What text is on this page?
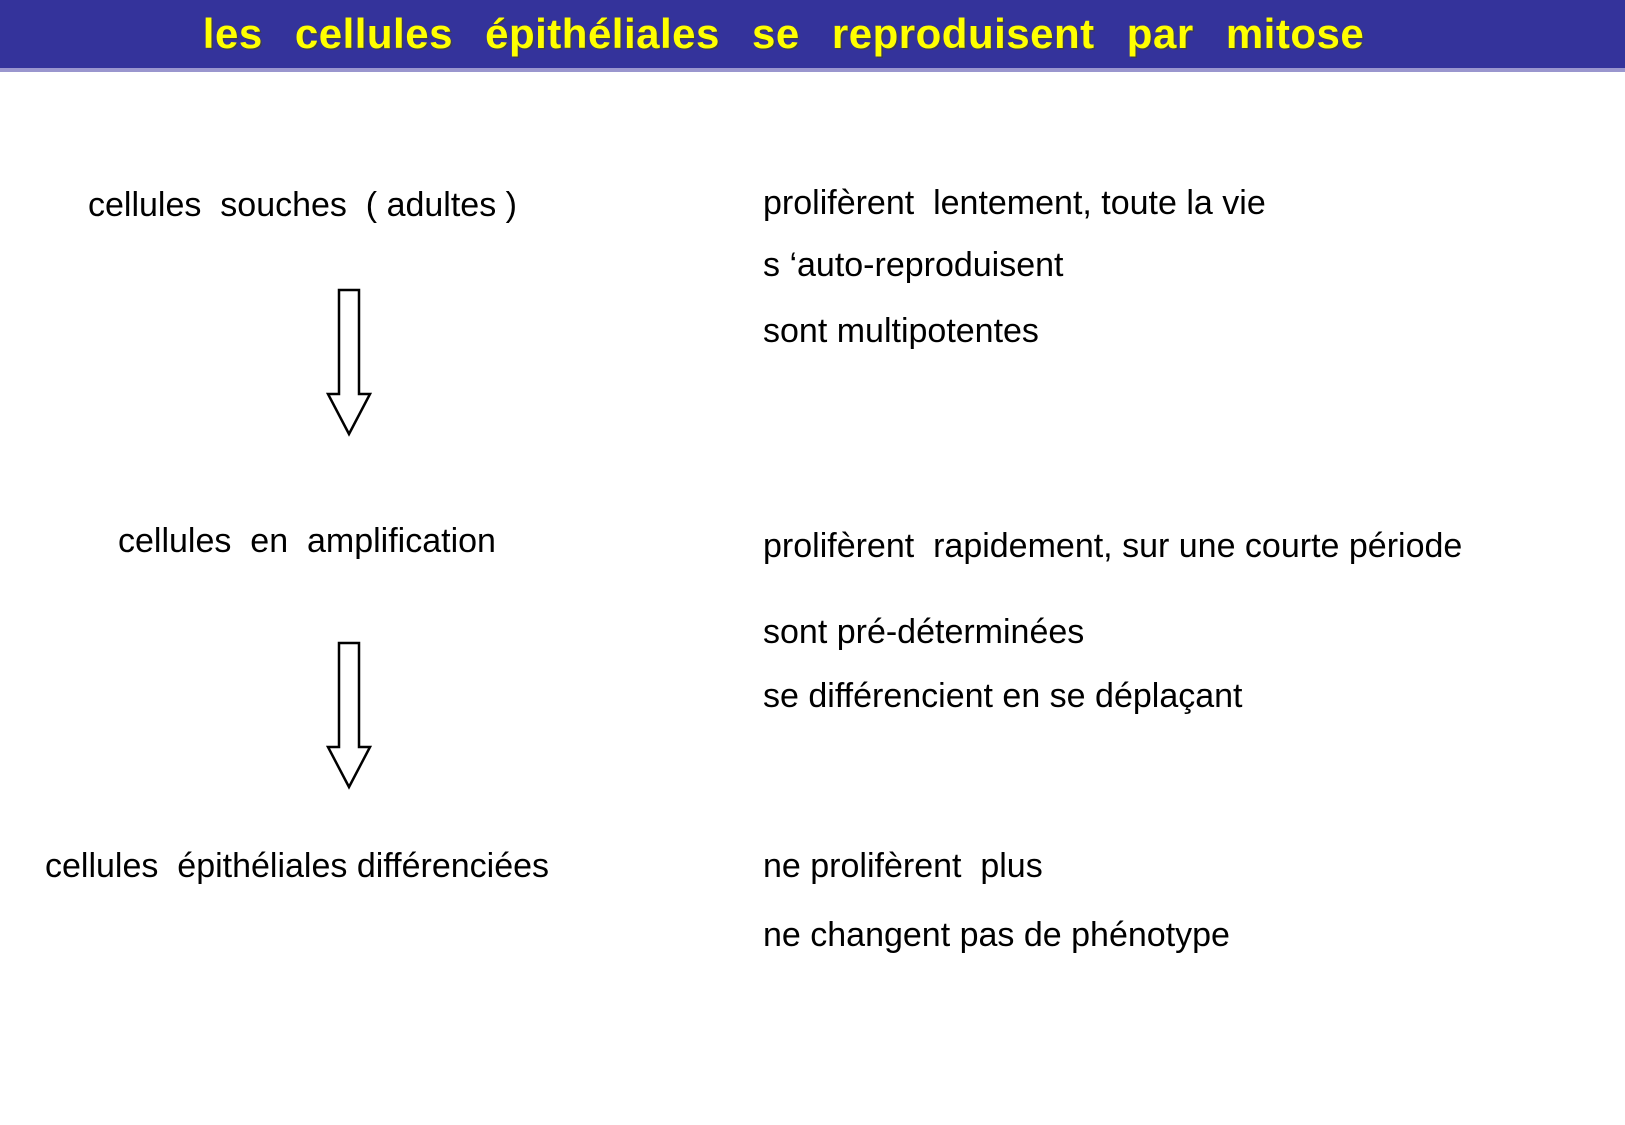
les cellules épithéliales se reproduisent par mitose
cellules  souches  ( adultes )
cellules  en  amplification
cellules  épithéliales différenciées
prolifèrent  lentement, toute la vie
s ‘auto-reproduisent
sont multipotentes
prolifèrent  rapidement, sur une courte période
sont pré-déterminées
se différencient en se déplaçant
ne prolifèrent  plus
ne changent pas de phénotype
